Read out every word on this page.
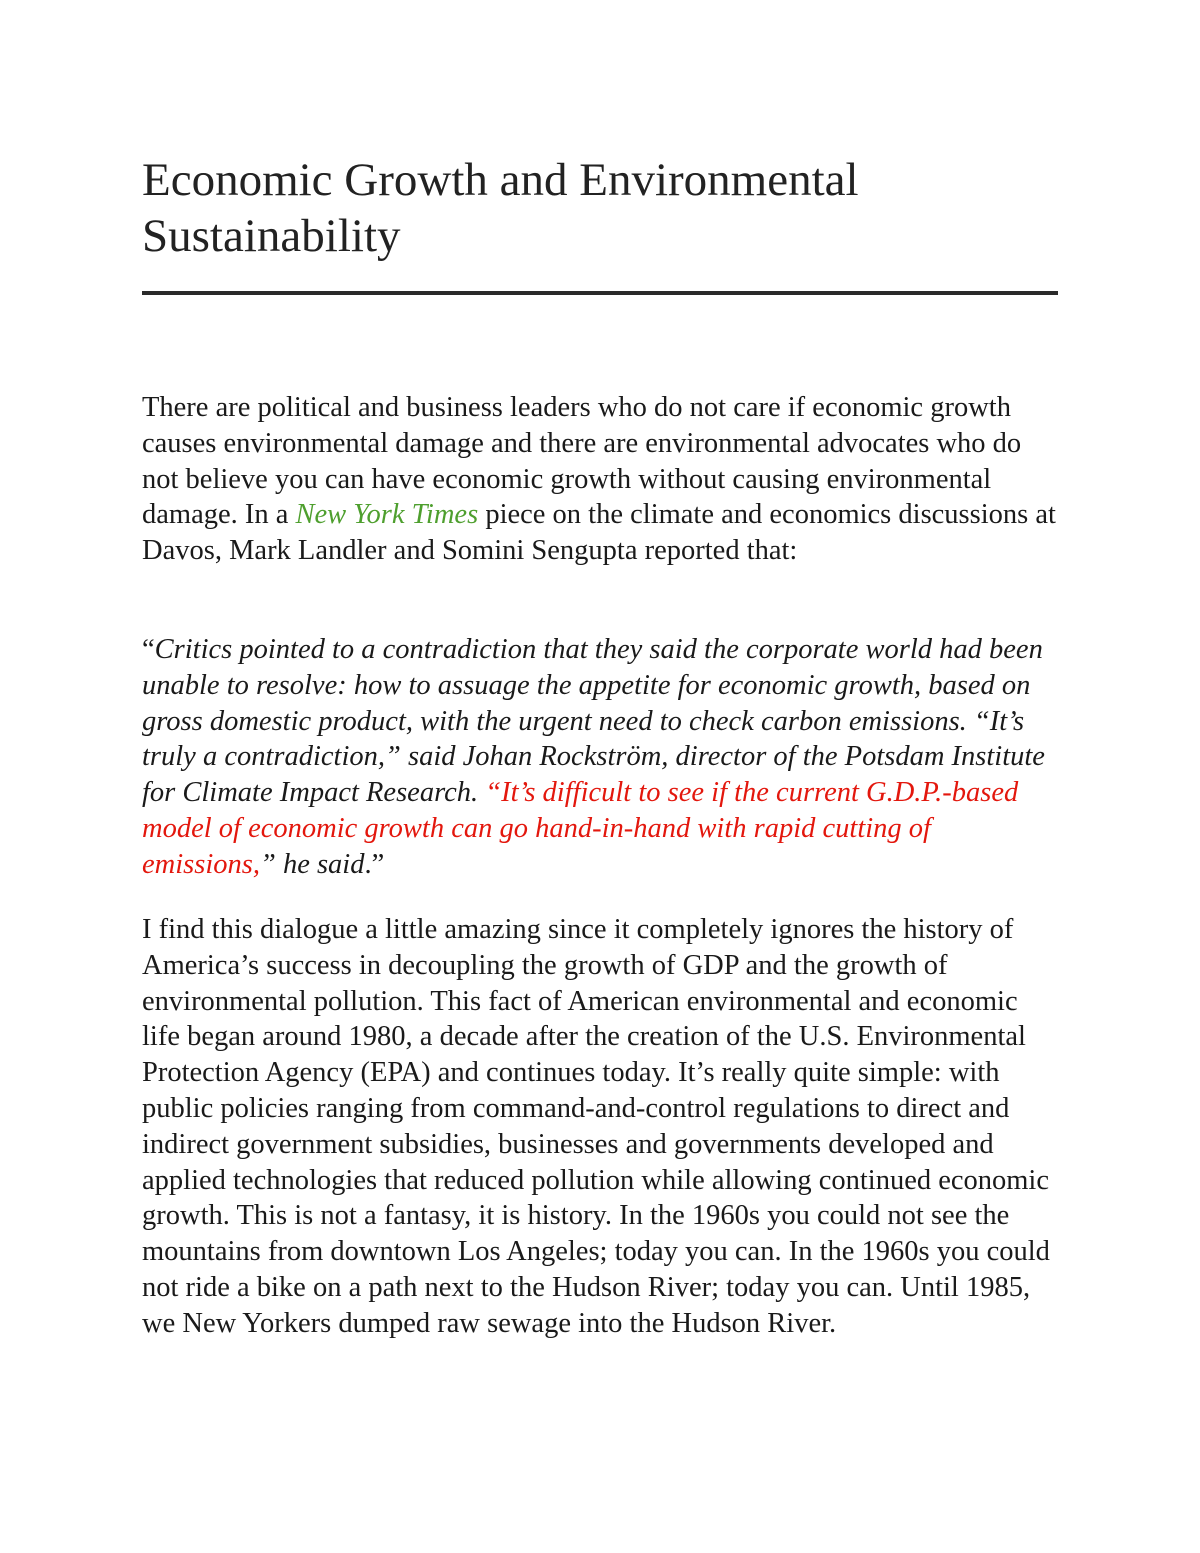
Economic Growth and Environmental Sustainability

There are political and business leaders who do not care if economic growth causes environmental damage and there are environmental advocates who do not believe you can have economic growth without causing environmental damage. In a New York Times piece on the climate and economics discussions at Davos, Mark Landler and Somini Sengupta reported that:

“Critics pointed to a contradiction that they said the corporate world had been unable to resolve: how to assuage the appetite for economic growth, based on gross domestic product, with the urgent need to check carbon emissions. “It’s truly a contradiction,” said Johan Rockström, director of the Potsdam Institute for Climate Impact Research. “It’s difficult to see if the current G.D.P.-based model of economic growth can go hand-in-hand with rapid cutting of emissions,” he said.”

I find this dialogue a little amazing since it completely ignores the history of America’s success in decoupling the growth of GDP and the growth of environmental pollution. This fact of American environmental and economic life began around 1980, a decade after the creation of the U.S. Environmental Protection Agency (EPA) and continues today. It’s really quite simple: with public policies ranging from command-and-control regulations to direct and indirect government subsidies, businesses and governments developed and applied technologies that reduced pollution while allowing continued economic growth. This is not a fantasy, it is history. In the 1960s you could not see the mountains from downtown Los Angeles; today you can. In the 1960s you could not ride a bike on a path next to the Hudson River; today you can. Until 1985, we New Yorkers dumped raw sewage into the Hudson River.
